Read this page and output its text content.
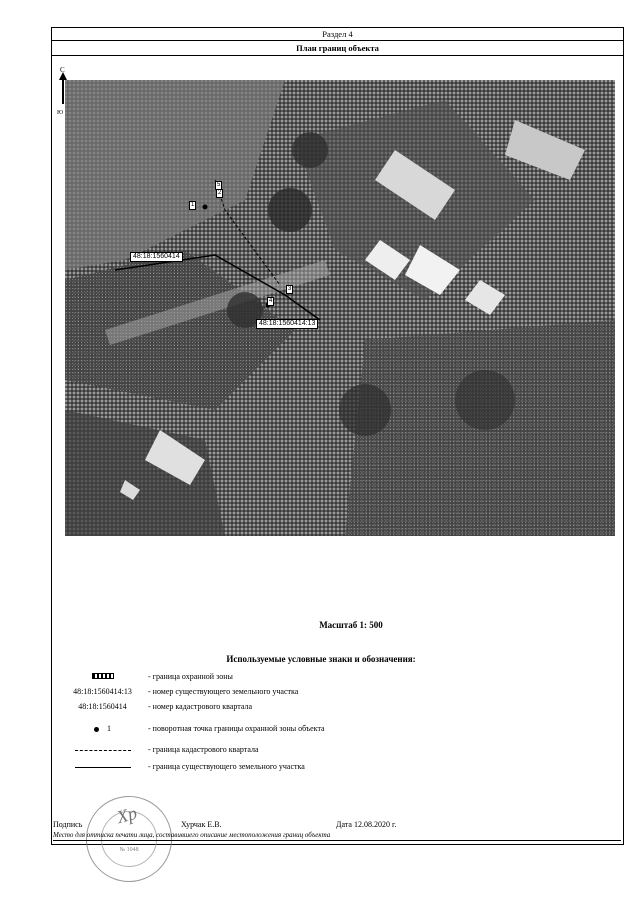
Раздел 4
План границ объекта
С
Ю
48:18:1560414
48:18:1560414:13
5
1
3
4
2
Масштаб 1: 500
Используемые условные знаки и обозначения:
- граница охранной зоны
48:18:1560414:13	- номер существующего земельного участка
48:18:1560414	- номер кадастрового квартала
1	- поворотная точка границы охранной зоны объекта
- граница кадастрового квартала
- граница существующего земельного участка
Хр
№ 1048
Подпись	Хурчак Е.В.	Дата 12.08.2020 г.
Место для оттиска печати лица, составившего описание местоположения границ объекта
